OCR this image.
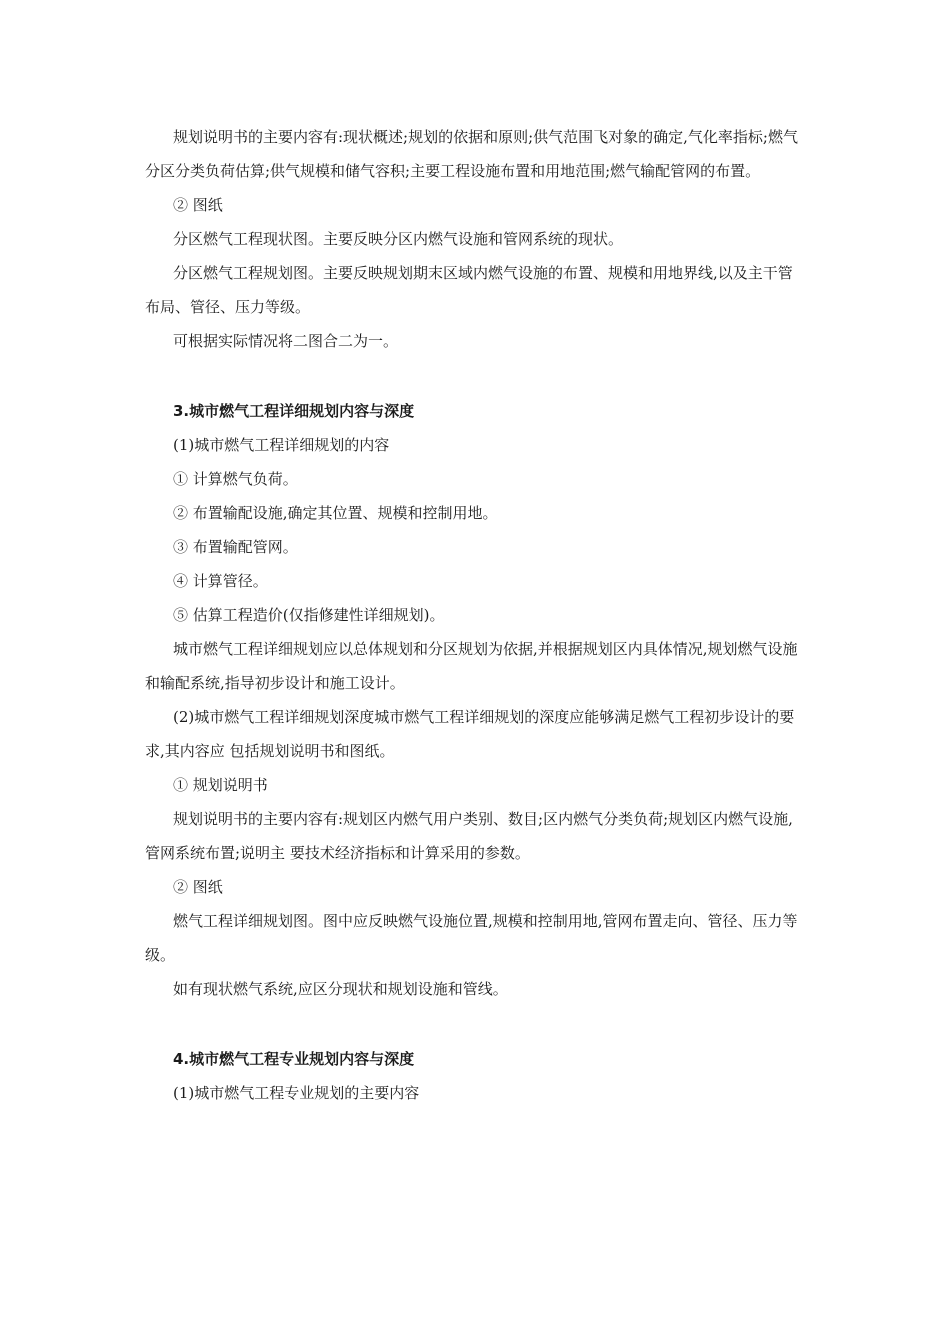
规划说明书的主要内容有:现状概述;规划的依据和原则;供气范围飞对象的确定,气化率指标;燃气分区分类负荷估算;供气规模和储气容积;主要工程设施布置和用地范围;燃气输配管网的布置。

② 图纸

分区燃气工程现状图。主要反映分区内燃气设施和管网系统的现状。

分区燃气工程规划图。主要反映规划期末区域内燃气设施的布置、规模和用地界线,以及主干管布局、管径、压力等级。

可根据实际情况将二图合二为一。

3.城市燃气工程详细规划内容与深度

(1)城市燃气工程详细规划的内容

① 计算燃气负荷。

② 布置输配设施,确定其位置、规模和控制用地。

③ 布置输配管网。

④ 计算管径。

⑤ 估算工程造价(仅指修建性详细规划)。

城市燃气工程详细规划应以总体规划和分区规划为依据,并根据规划区内具体情况,规划燃气设施和输配系统,指导初步设计和施工设计。

(2)城市燃气工程详细规划深度城市燃气工程详细规划的深度应能够满足燃气工程初步设计的要求,其内容应 包括规划说明书和图纸。

① 规划说明书

规划说明书的主要内容有:规划区内燃气用户类别、数目;区内燃气分类负荷;规划区内燃气设施,管网系统布置;说明主 要技术经济指标和计算采用的参数。

② 图纸

燃气工程详细规划图。图中应反映燃气设施位置,规模和控制用地,管网布置走向、管径、压力等级。

如有现状燃气系统,应区分现状和规划设施和管线。

4.城市燃气工程专业规划内容与深度

(1)城市燃气工程专业规划的主要内容
